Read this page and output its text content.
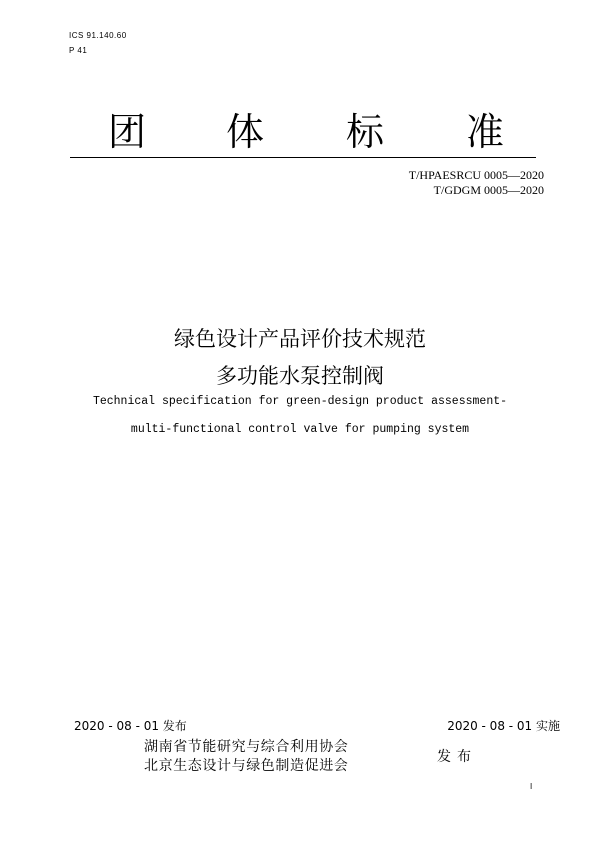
ICS 91.140.60
P 41
团 体 标 准
T/HPAESRCU 0005—2020
T/GDGM 0005—2020
绿色设计产品评价技术规范
多功能水泵控制阀
Technical specification for green-design product assessment-
multi-functional control valve for pumping system
2020 - 08 - 01 发布	2020 - 08 - 01 实施
湖南省节能研究与综合利用协会
北京生态设计与绿色制造促进会
发布
I
